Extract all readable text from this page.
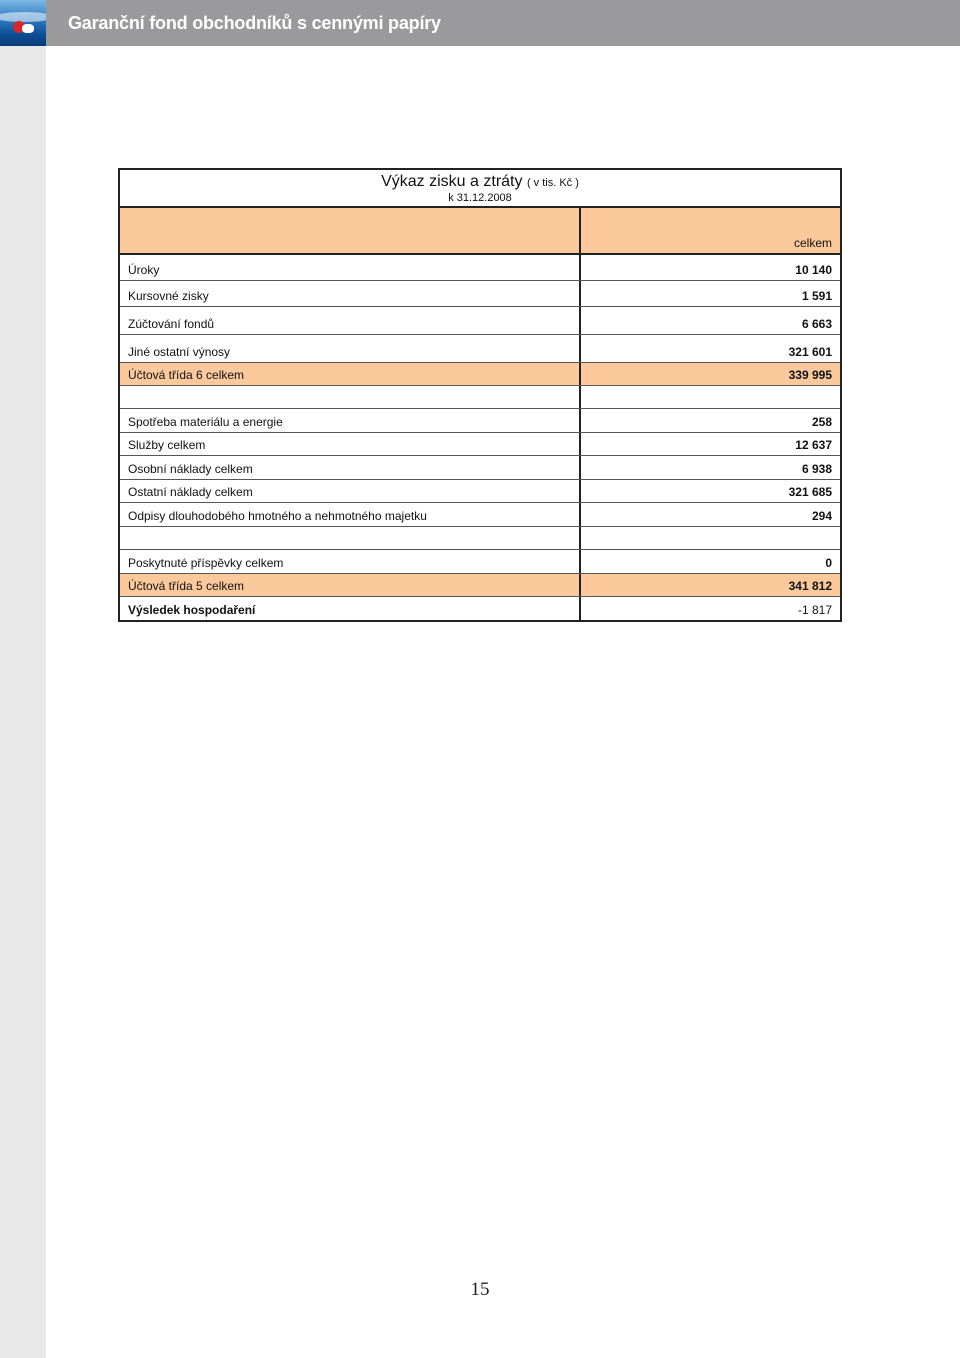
Garanční fond obchodníků s cennými papíry
Výkaz zisku a ztráty ( v tis. Kč )
k 31.12.2008
celkem
Úroky	10 140
Kursovné zisky	1 591
Zúčtování fondů	6 663
Jiné ostatní výnosy	321 601
Účtová třída 6 celkem	339 995
Spotřeba materiálu a energie	258
Služby celkem	12 637
Osobní náklady celkem	6 938
Ostatní náklady celkem	321 685
Odpisy dlouhodobého hmotného a nehmotného majetku	294
Poskytnuté příspěvky celkem	0
Účtová třída 5 celkem	341 812
Výsledek hospodaření	-1 817
15
